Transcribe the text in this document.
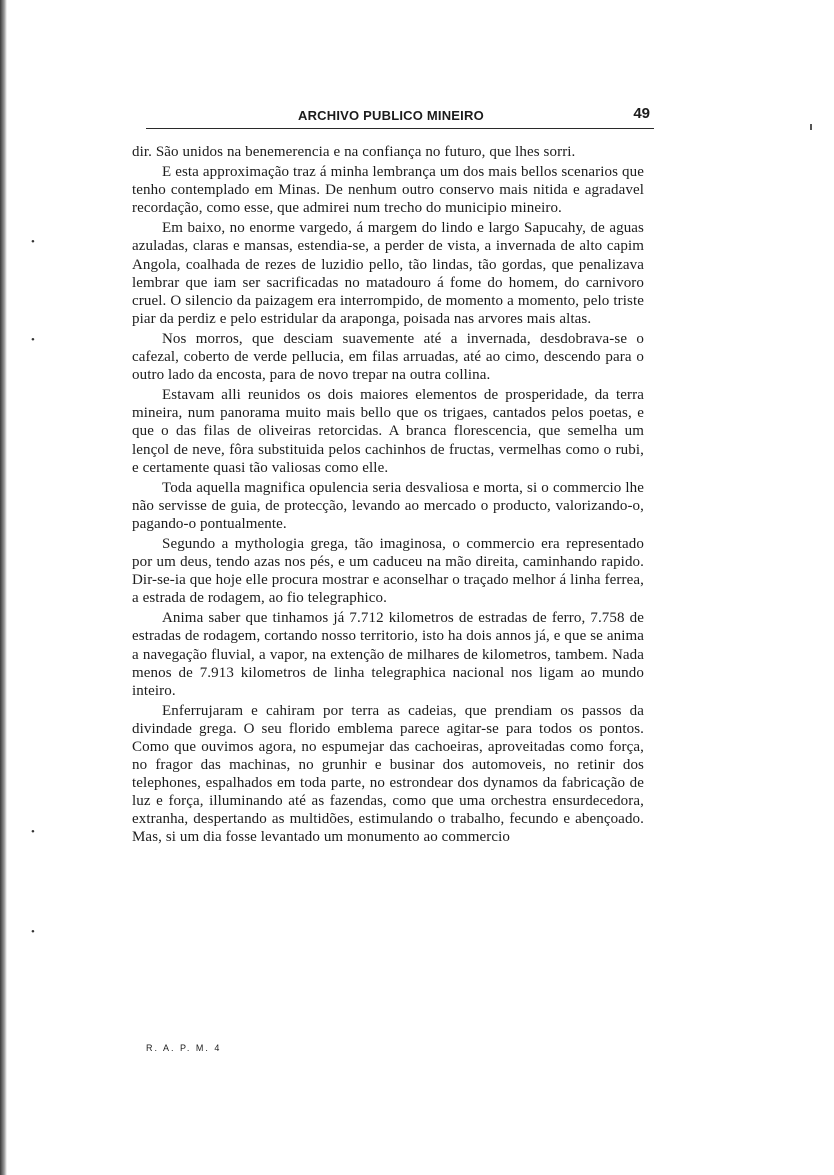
ARCHIVO PUBLICO MINEIRO	49

dir. São unidos na benemerencia e na confiança no futuro, que lhes sorri.

E esta approximação traz á minha lembrança um dos mais bellos scenarios que tenho contemplado em Minas. De nenhum outro conservo mais nitida e agradavel recordação, como esse, que admirei num trecho do municipio mineiro.

Em baixo, no enorme vargedo, á margem do lindo e largo Sapucahy, de aguas azuladas, claras e mansas, estendia-se, a perder de vista, a invernada de alto capim Angola, coalhada de rezes de luzidio pello, tão lindas, tão gordas, que penalizava lembrar que iam ser sacrificadas no matadouro á fome do homem, do carnivoro cruel. O silencio da paizagem era interrompido, de momento a momento, pelo triste piar da perdiz e pelo estridular da araponga, poisada nas arvores mais altas.

Nos morros, que desciam suavemente até a invernada, desdobrava-se o cafezal, coberto de verde pellucia, em filas arruadas, até ao cimo, descendo para o outro lado da encosta, para de novo trepar na outra collina.

Estavam alli reunidos os dois maiores elementos de prosperidade, da terra mineira, num panorama muito mais bello que os trigaes, cantados pelos poetas, e que o das filas de oliveiras retorcidas. A branca florescencia, que semelha um lençol de neve, fôra substituida pelos cachinhos de fructas, vermelhas como o rubi, e certamente quasi tão valiosas como elle.

Toda aquella magnifica opulencia seria desvaliosa e morta, si o commercio lhe não servisse de guia, de protecção, levando ao mercado o producto, valorizando-o, pagando-o pontualmente.

Segundo a mythologia grega, tão imaginosa, o commercio era representado por um deus, tendo azas nos pés, e um caduceu na mão direita, caminhando rapido. Dir-se-ia que hoje elle procura mostrar e aconselhar o traçado melhor á linha ferrea, a estrada de rodagem, ao fio telegraphico.

Anima saber que tinhamos já 7.712 kilometros de estradas de ferro, 7.758 de estradas de rodagem, cortando nosso territorio, isto ha dois annos já, e que se anima a navegação fluvial, a vapor, na extenção de milhares de kilometros, tambem. Nada menos de 7.913 kilometros de linha telegraphica nacional nos ligam ao mundo inteiro.

Enferrujaram e cahiram por terra as cadeias, que prendiam os passos da divindade grega. O seu florido emblema parece agitar-se para todos os pontos. Como que ouvimos agora, no espumejar das cachoeiras, aproveitadas como força, no fragor das machinas, no grunhir e businar dos automoveis, no retinir dos telephones, espalhados em toda parte, no estrondear dos dynamos da fabricação de luz e força, illuminando até as fazendas, como que uma orchestra ensurdecedora, extranha, despertando as multidões, estimulando o trabalho, fecundo e abençoado. Mas, si um dia fosse levantado um monumento ao commercio

R. A. P. M. 4
•
•
•
•
